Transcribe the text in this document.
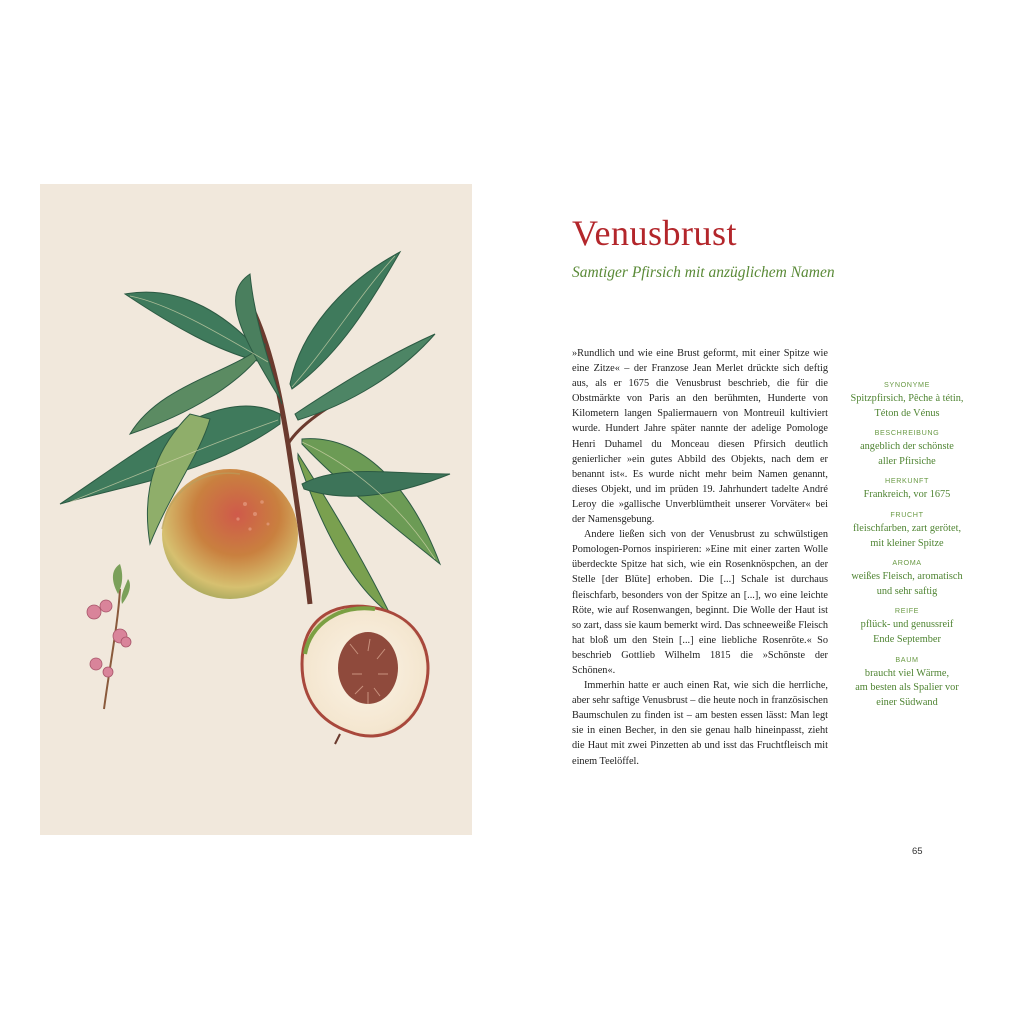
Venusbrust
Samtiger Pfirsich mit anzüglichem Namen

»Rundlich und wie eine Brust geformt, mit einer Spitze wie eine Zitze« – der Franzose Jean Merlet drückte sich deftig aus, als er 1675 die Venusbrust beschrieb, die für die Obstmärkte von Paris an den berühmten, Hunderte von Kilometern langen Spaliermauern von Montreuil kultiviert wurde. Hundert Jahre später nannte der adelige Pomologe Henri Duhamel du Monceau diesen Pfirsich deutlich genierlicher »ein gutes Abbild des Objekts, nach dem er benannt ist«. Es wurde nicht mehr beim Namen genannt, dieses Objekt, und im prüden 19. Jahrhundert tadelte André Leroy die »gallische Unverblümtheit unserer Vorväter« bei der Namensgebung.

Andere ließen sich von der Venusbrust zu schwülstigen Pomologen-Pornos inspirieren: »Eine mit einer zarten Wolle überdeckte Spitze hat sich, wie ein Rosenknöspchen, an der Stelle [der Blüte] erhoben. Die [...] Schale ist durchaus fleischfarb, besonders von der Spitze an [...], wo eine leichte Röte, wie auf Rosenwangen, beginnt. Die Wolle der Haut ist so zart, dass sie kaum bemerkt wird. Das schneeweiße Fleisch hat bloß um den Stein [...] eine liebliche Rosenröte.« So beschrieb Gottlieb Wilhelm 1815 die »Schönste der Schönen«.

Immerhin hatte er auch einen Rat, wie sich die herrliche, aber sehr saftige Venusbrust – die heute noch in französischen Baumschulen zu finden ist – am besten essen lässt: Man legt sie in einen Becher, in den sie genau halb hineinpasst, zieht die Haut mit zwei Pinzetten ab und isst das Fruchtfleisch mit einem Teelöffel.

SYNONYME
Spitzpfirsich, Pêche à tétin,
Téton de Vénus
BESCHREIBUNG
angeblich der schönste
aller Pfirsiche
HERKUNFT
Frankreich, vor 1675
FRUCHT
fleischfarben, zart gerötet,
mit kleiner Spitze
AROMA
weißes Fleisch, aromatisch
und sehr saftig
REIFE
pflück- und genussreif
Ende September
BAUM
braucht viel Wärme,
am besten als Spalier vor
einer Südwand
65
